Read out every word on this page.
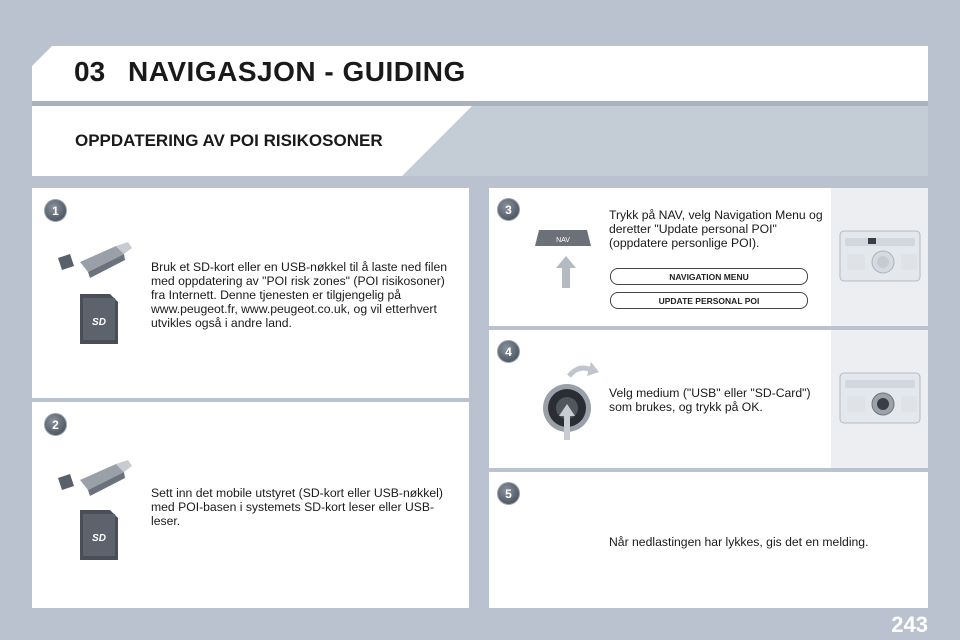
03 NAVIGASJON - GUIDING
OPPDATERING AV POI RISIKOSONER
1
SD
Bruk et SD-kort eller en USB-nøkkel til å laste ned filen med oppdatering av "POI risk zones" (POI risikosoner) fra Internett. Denne tjenesten er tilgjengelig på www.peugeot.fr, www.peugeot.co.uk, og vil etterhvert utvikles også i andre land.
2
SD
Sett inn det mobile utstyret (SD-kort eller USB-nøkkel) med POI-basen i systemets SD-kort leser eller USB-leser.
3
NAV
Trykk på NAV, velg Navigation Menu og deretter "Update personal POI" (oppdatere personlige POI).
NAVIGATION MENU
UPDATE PERSONAL POI
4
Velg medium ("USB" eller "SD-Card") som brukes, og trykk på OK.
5
Når nedlastingen har lykkes, gis det en melding.
243
